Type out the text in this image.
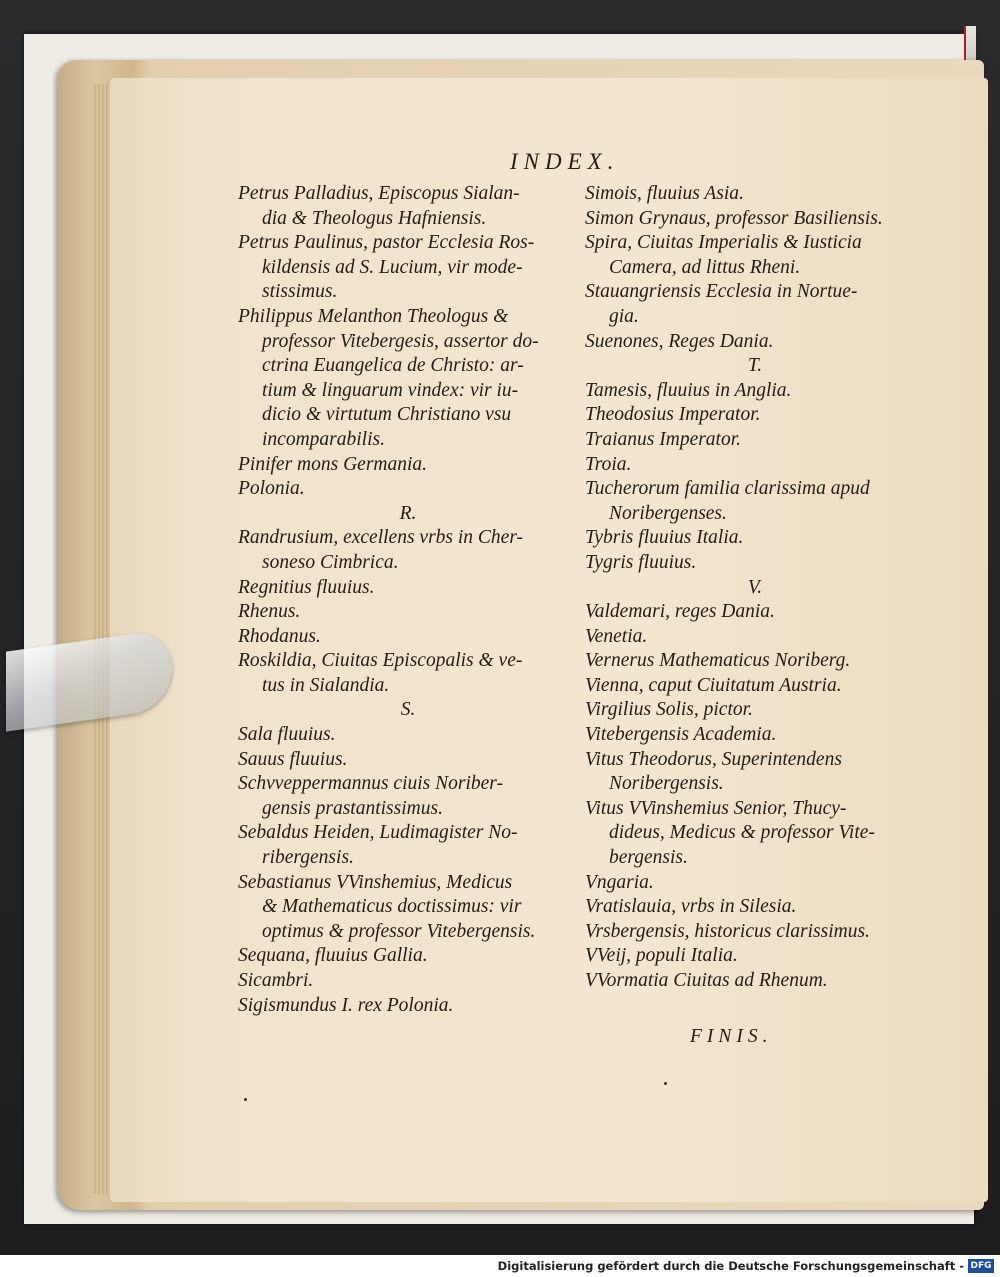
INDEX.
Petrus Palladius, Episcopus Sialan-
dia & Theologus Hafniensis.
Petrus Paulinus, pastor Ecclesia Ros-
kildensis ad S. Lucium, vir mode-
stissimus.
Philippus Melanthon Theologus &
professor Vitebergesis, assertor do-
ctrina Euangelica de Christo: ar-
tium & linguarum vindex: vir iu-
dicio & virtutum Christiano vsu
incomparabilis.
Pinifer mons Germania.
Polonia.
R.
Randrusium, excellens vrbs in Cher-
soneso Cimbrica.
Regnitius fluuius.
Rhenus.
Rhodanus.
Roskildia, Ciuitas Episcopalis & ve-
tus in Sialandia.
S.
Sala fluuius.
Sauus fluuius.
Schvveppermannus ciuis Noriber-
gensis prastantissimus.
Sebaldus Heiden, Ludimagister No-
ribergensis.
Sebastianus VVinshemius, Medicus
& Mathematicus doctissimus: vir
optimus & professor Vitebergensis.
Sequana, fluuius Gallia.
Sicambri.
Sigismundus I. rex Polonia.
Simois, fluuius Asia.
Simon Grynaus, professor Basiliensis.
Spira, Ciuitas Imperialis & Iusticia
Camera, ad littus Rheni.
Stauangriensis Ecclesia in Nortue-
gia.
Suenones, Reges Dania.
T.
Tamesis, fluuius in Anglia.
Theodosius Imperator.
Traianus Imperator.
Troia.
Tucherorum familia clarissima apud
Noribergenses.
Tybris fluuius Italia.
Tygris fluuius.
V.
Valdemari, reges Dania.
Venetia.
Vernerus Mathematicus Noriberg.
Vienna, caput Ciuitatum Austria.
Virgilius Solis, pictor.
Vitebergensis Academia.
Vitus Theodorus, Superintendens
Noribergensis.
Vitus VVinshemius Senior, Thucy-
dideus, Medicus & professor Vite-
bergensis.
Vngaria.
Vratislauia, vrbs in Silesia.
Vrsbergensis, historicus clarissimus.
VVeij, populi Italia.
VVormatia Ciuitas ad Rhenum.
FINIS.
Digitalisierung gefördert durch die Deutsche Forschungsgemeinschaft - DFG
